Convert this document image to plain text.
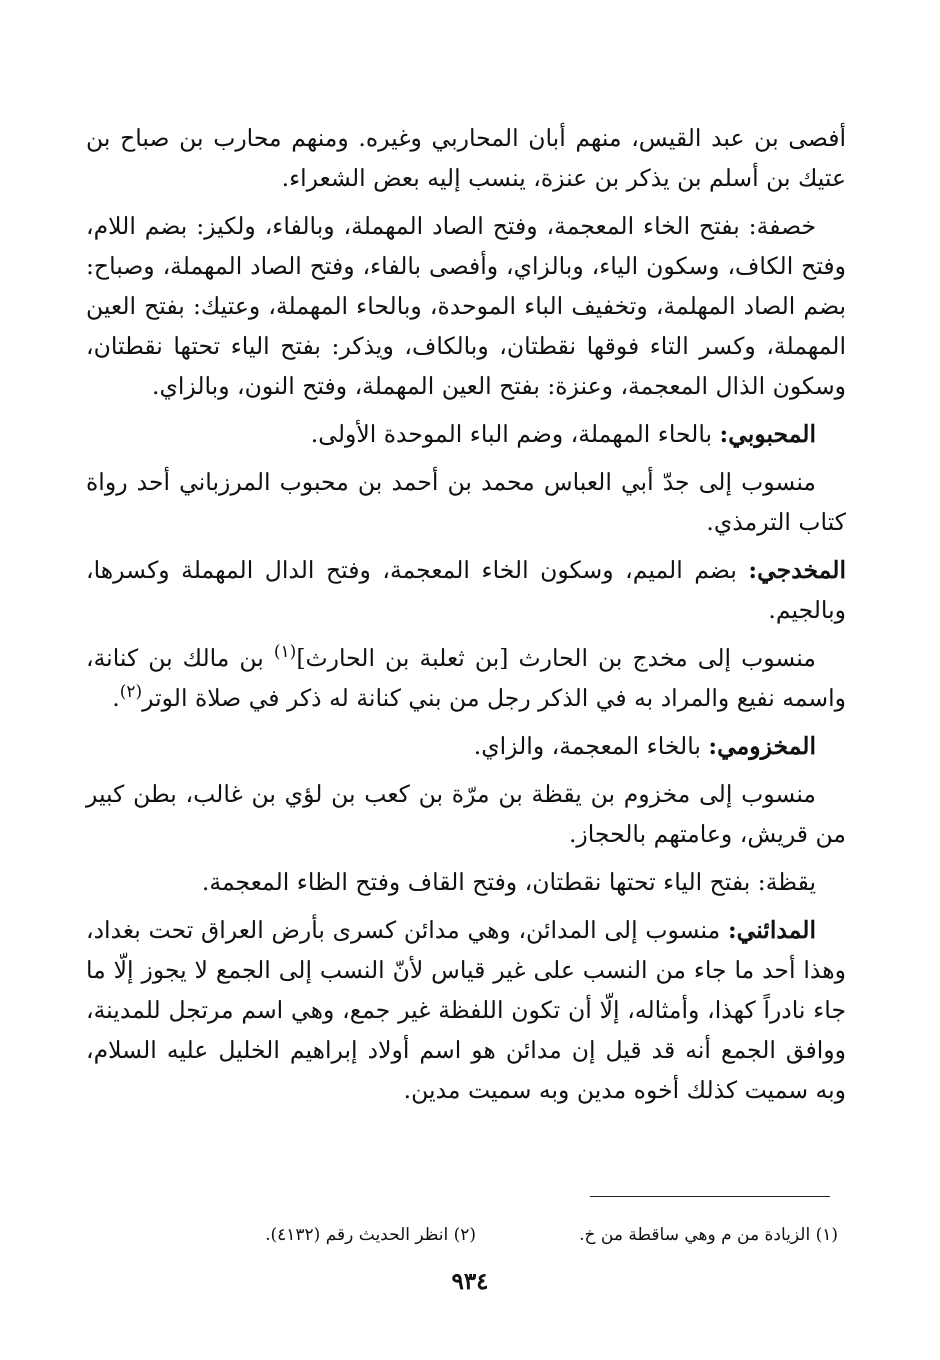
أفصى بن عبد القيس، منهم أبان المحاربي وغيره. ومنهم محارب بن صباح بن عتيك بن أسلم بن يذكر بن عنزة، ينسب إليه بعض الشعراء.

خصفة: بفتح الخاء المعجمة، وفتح الصاد المهملة، وبالفاء، ولكيز: بضم اللام، وفتح الكاف، وسكون الياء، وبالزاي، وأفصى بالفاء، وفتح الصاد المهملة، وصباح: بضم الصاد المهلمة، وتخفيف الباء الموحدة، وبالحاء المهملة، وعتيك: بفتح العين المهملة، وكسر التاء فوقها نقطتان، وبالكاف، ويذكر: بفتح الياء تحتها نقطتان، وسكون الذال المعجمة، وعنزة: بفتح العين المهملة، وفتح النون، وبالزاي.

المحبوبي: بالحاء المهملة، وضم الباء الموحدة الأولى.

منسوب إلى جدّ أبي العباس محمد بن أحمد بن محبوب المرزباني أحد رواة كتاب الترمذي.

المخدجي: بضم الميم، وسكون الخاء المعجمة، وفتح الدال المهملة وكسرها، وبالجيم.

منسوب إلى مخدج بن الحارث [بن ثعلبة بن الحارث]$^{(١)}$ بن مالك بن كنانة، واسمه نفيع والمراد به في الذكر رجل من بني كنانة له ذكر في صلاة الوتر$^{(٢)}$.

المخزومي: بالخاء المعجمة، والزاي.

منسوب إلى مخزوم بن يقظة بن مرّة بن كعب بن لؤي بن غالب، بطن كبير من قريش، وعامتهم بالحجاز.

يقظة: بفتح الياء تحتها نقطتان، وفتح القاف وفتح الظاء المعجمة.

المدائني: منسوب إلى المدائن، وهي مدائن كسرى بأرض العراق تحت بغداد، وهذا أحد ما جاء من النسب على غير قياس لأنّ النسب إلى الجمع لا يجوز إلّا ما جاء نادراً كهذا، وأمثاله، إلّا أن تكون اللفظة غير جمع، وهي اسم مرتجل للمدينة، ووافق الجمع أنه قد قيل إن مدائن هو اسم أولاد إبراهيم الخليل عليه السلام، وبه سميت كذلك أخوه مدين وبه سميت مدين.

(١) الزيادة من م وهي ساقطة من خ.
(٢) انظر الحديث رقم (٤١٣٢).
٩٣٤
